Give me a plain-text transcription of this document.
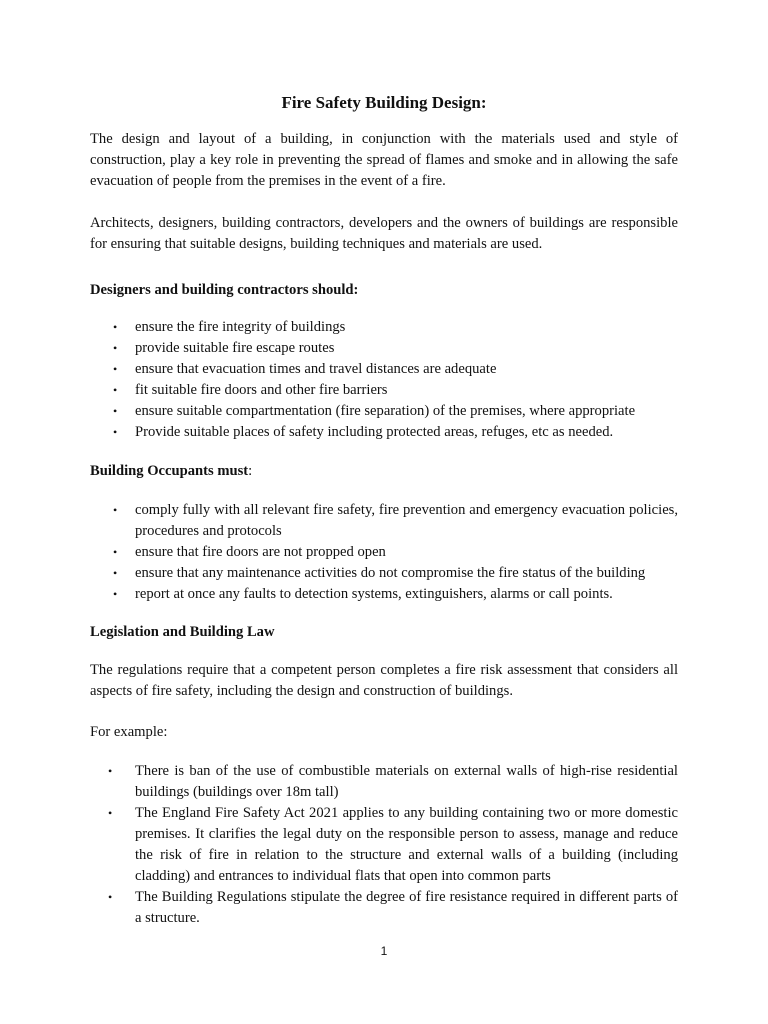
Fire Safety Building Design:

The design and layout of a building, in conjunction with the materials used and style of construction, play a key role in preventing the spread of flames and smoke and in allowing the safe evacuation of people from the premises in the event of a fire.

Architects, designers, building contractors, developers and the owners of buildings are responsible for ensuring that suitable designs, building techniques and materials are used.

Designers and building contractors should:
• ensure the fire integrity of buildings
• provide suitable fire escape routes
• ensure that evacuation times and travel distances are adequate
• fit suitable fire doors and other fire barriers
• ensure suitable compartmentation (fire separation) of the premises, where appropriate
• Provide suitable places of safety including protected areas, refuges, etc as needed.
Building Occupants must:
• comply fully with all relevant fire safety, fire prevention and emergency evacuation policies, procedures and protocols
• ensure that fire doors are not propped open
• ensure that any maintenance activities do not compromise the fire status of the building
• report at once any faults to detection systems, extinguishers, alarms or call points.
Legislation and Building Law

The regulations require that a competent person completes a fire risk assessment that considers all aspects of fire safety, including the design and construction of buildings.

For example:

• There is ban of the use of combustible materials on external walls of high-rise residential buildings (buildings over 18m tall)
• The England Fire Safety Act 2021 applies to any building containing two or more domestic premises. It clarifies the legal duty on the responsible person to assess, manage and reduce the risk of fire in relation to the structure and external walls of a building (including cladding) and entrances to individual flats that open into common parts
• The Building Regulations stipulate the degree of fire resistance required in different parts of a structure.
1
